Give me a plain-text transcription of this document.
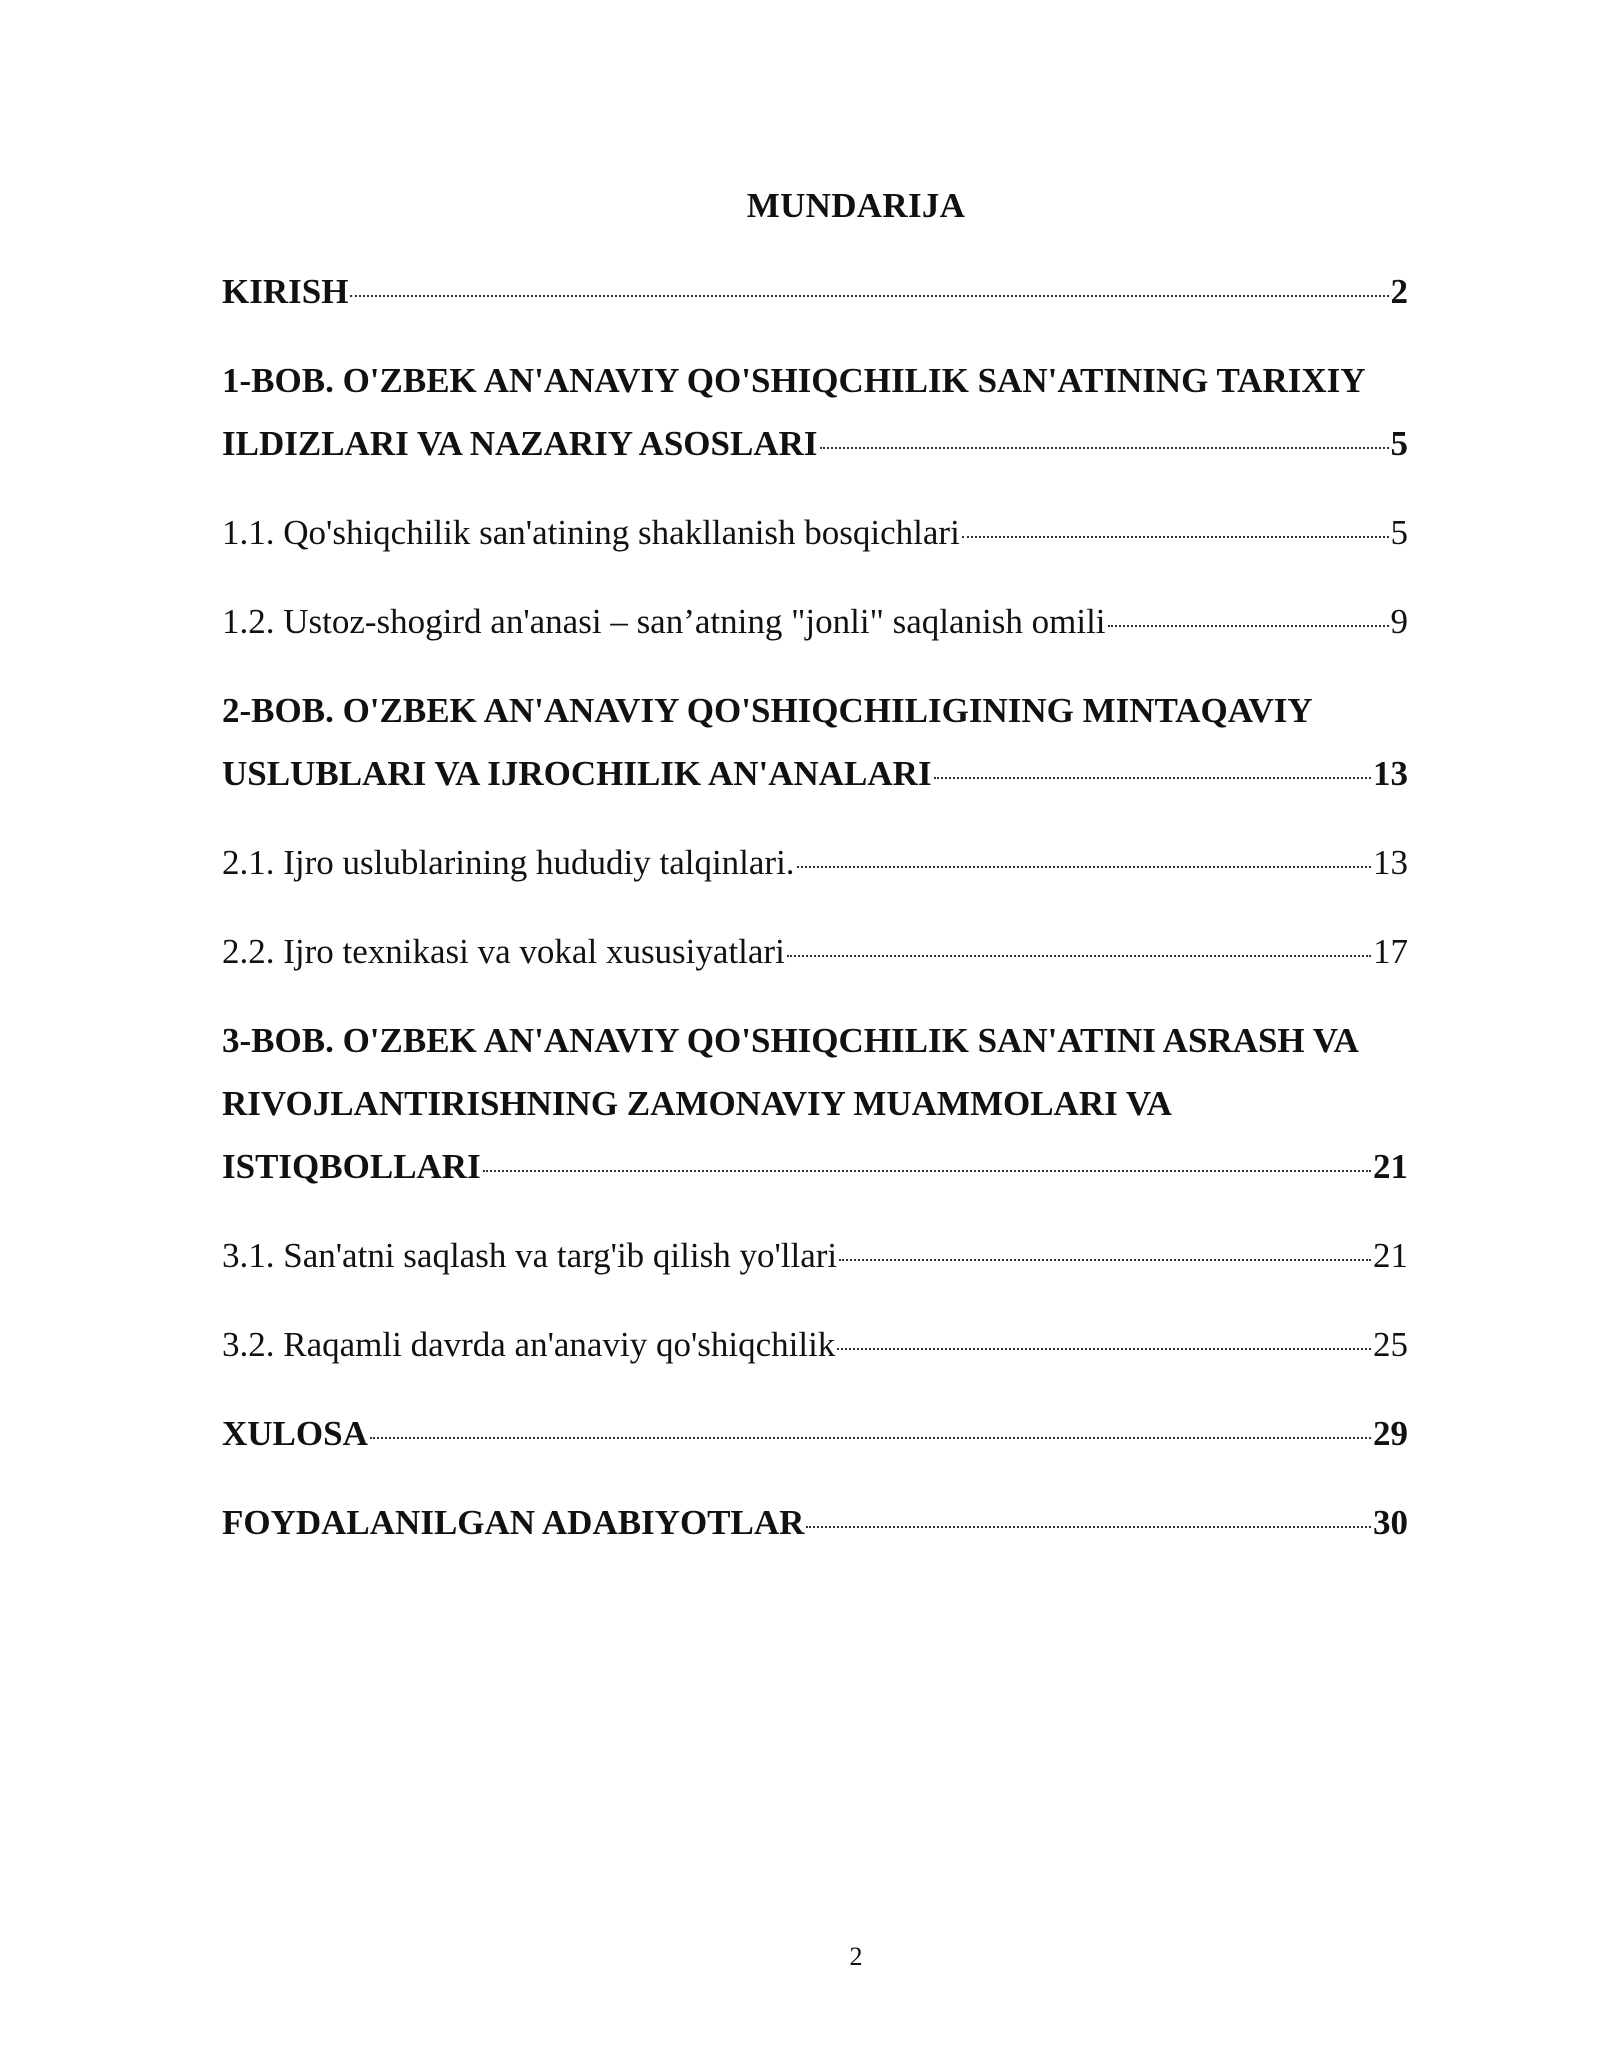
MUNDARIJA
KIRISH	2
1-BOB. O'ZBEK AN'ANAVIY QO'SHIQCHILIK SAN'ATINING TARIXIY
ILDIZLARI VA NAZARIY ASOSLARI	5
1.1. Qo'shiqchilik san'atining shakllanish bosqichlari	5
1.2. Ustoz-shogird an'anasi – san’atning "jonli" saqlanish omili	9
2-BOB. O'ZBEK AN'ANAVIY QO'SHIQCHILIGINING MINTAQAVIY
USLUBLARI VA IJROCHILIK AN'ANALARI	13
2.1. Ijro uslublarining hududiy talqinlari.	13
2.2. Ijro texnikasi va vokal xususiyatlari	17
3-BOB. O'ZBEK AN'ANAVIY QO'SHIQCHILIK SAN'ATINI ASRASH VA
RIVOJLANTIRISHNING ZAMONAVIY MUAMMOLARI VA
ISTIQBOLLARI	21
3.1. San'atni saqlash va targ'ib qilish yo'llari	21
3.2. Raqamli davrda an'anaviy qo'shiqchilik	25
XULOSA	29
FOYDALANILGAN ADABIYOTLAR	30
2
